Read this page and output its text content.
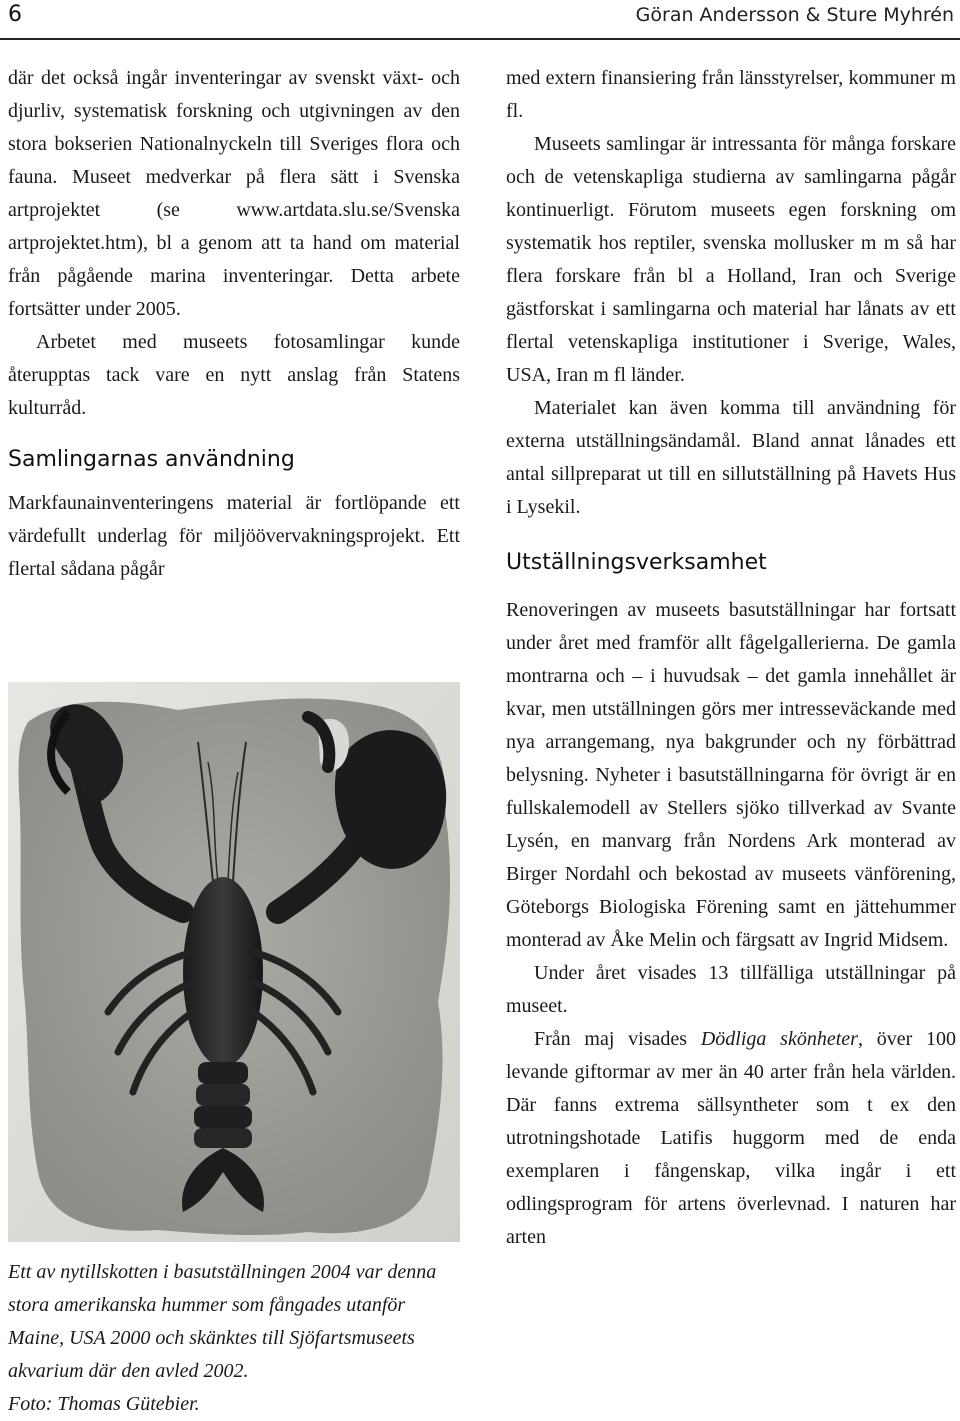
6	Göran Andersson & Sture Myhrén

där det också ingår inventeringar av svenskt växt- och djurliv, systematisk forskning och utgivningen av den stora bokserien Nationalnyckeln till Sveriges flora och fauna. Museet medverkar på flera sätt i Svenska artprojektet (se www.artdata.slu.se/Svenska artprojektet.htm), bl a genom att ta hand om material från pågående marina inventeringar. Detta arbete fortsätter under 2005.

Arbetet med museets fotosamlingar kunde återupptas tack vare en nytt anslag från Statens kulturråd.

Samlingarnas användning

Markfaunainventeringens material är fortlöpande ett värdefullt underlag för miljöövervakningsprojekt. Ett flertal sådana pågår

Ett av nytillskotten i basutställningen 2004 var denna stora amerikanska hummer som fångades utanför Maine, USA 2000 och skänktes till Sjöfartsmuseets akvarium där den avled 2002.

Foto: Thomas Gütebier.

med extern finansiering från länsstyrelser, kommuner m fl.

Museets samlingar är intressanta för många forskare och de vetenskapliga studierna av samlingarna pågår kontinuerligt. Förutom museets egen forskning om systematik hos reptiler, svenska mollusker m m så har flera forskare från bl a Holland, Iran och Sverige gästforskat i samlingarna och material har lånats av ett flertal vetenskapliga institutioner i Sverige, Wales, USA, Iran m fl länder.

Materialet kan även komma till användning för externa utställningsändamål. Bland annat lånades ett antal sillpreparat ut till en sillutställning på Havets Hus i Lysekil.

Utställningsverksamhet

Renoveringen av museets basutställningar har fortsatt under året med framför allt fågelgallerierna. De gamla montrarna och – i huvudsak – det gamla innehållet är kvar, men utställningen görs mer intresseväckande med nya arrangemang, nya bakgrunder och ny förbättrad belysning. Nyheter i basutställningarna för övrigt är en fullskalemodell av Stellers sjöko tillverkad av Svante Lysén, en manvarg från Nordens Ark monterad av Birger Nordahl och bekostad av museets vänförening, Göteborgs Biologiska Förening samt en jättehummer monterad av Åke Melin och färgsatt av Ingrid Midsem.

Under året visades 13 tillfälliga utställningar på museet.

Från maj visades Dödliga skönheter, över 100 levande giftormar av mer än 40 arter från hela världen. Där fanns extrema sällsyntheter som t ex den utrotningshotade Latifis huggorm med de enda exemplaren i fångenskap, vilka ingår i ett odlingsprogram för artens överlevnad. I naturen har arten
